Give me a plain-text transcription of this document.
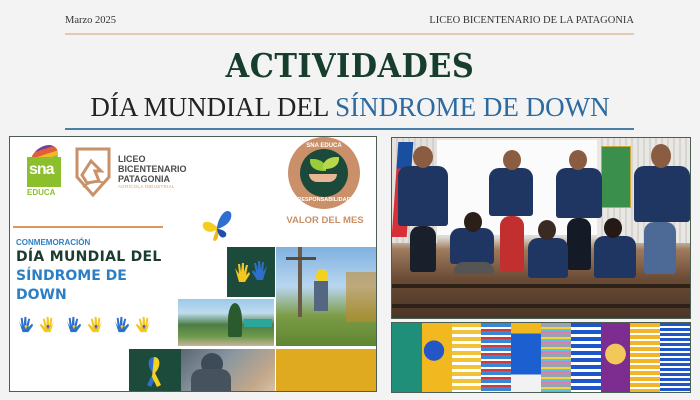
Marzo 2025	LICEO BICENTENARIO DE LA PATAGONIA
ACTIVIDADES
DÍA MUNDIAL DEL SÍNDROME DE DOWN
sna
EDUCA
LICEO
BICENTENARIO
PATAGONIA
AGRÍCOLA INDUSTRIAL
SNA EDUCA
RESPONSABILIDAD
VALOR DEL MES
CONMEMORACIÓN
DÍA MUNDIAL DEL
SÍNDROME DE
DOWN
